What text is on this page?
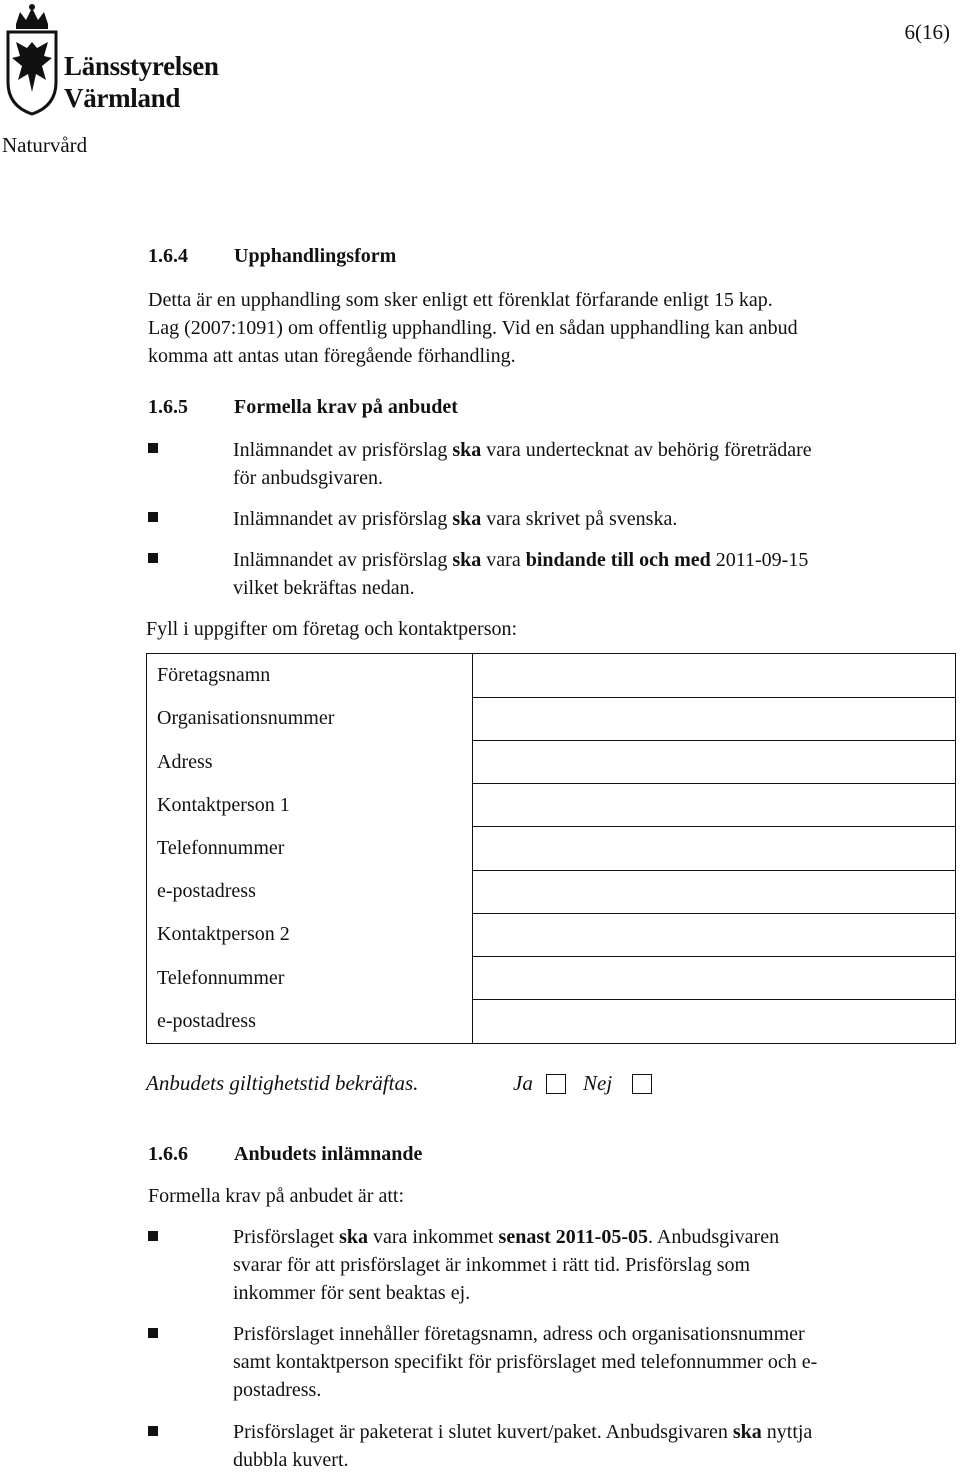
Länsstyrelsen
Värmland
6(16)
Naturvård
1.6.4 Upphandlingsform
Detta är en upphandling som sker enligt ett förenklat förfarande enligt 15 kap.
Lag (2007:1091) om offentlig upphandling. Vid en sådan upphandling kan anbud
komma att antas utan föregående förhandling.
1.6.5 Formella krav på anbudet
Inlämnandet av prisförslag ska vara undertecknat av behörig företrädare
för anbudsgivaren.
Inlämnandet av prisförslag ska vara skrivet på svenska.
Inlämnandet av prisförslag ska vara bindande till och med 2011-09-15
vilket bekräftas nedan.
Fyll i uppgifter om företag och kontaktperson:
Företagsnamn	
Organisationsnummer	
Adress	
Kontaktperson 1	
Telefonnummer	
e-postadress	
Kontaktperson 2	
Telefonnummer	
e-postadress	
Anbudets giltighetstid bekräftas.	Ja Nej
1.6.6 Anbudets inlämnande
Formella krav på anbudet är att:
Prisförslaget ska vara inkommet senast 2011-05-05. Anbudsgivaren
svarar för att prisförslaget är inkommet i rätt tid. Prisförslag som
inkommer för sent beaktas ej.
Prisförslaget innehåller företagsnamn, adress och organisationsnummer
samt kontaktperson specifikt för prisförslaget med telefonnummer och e-
postadress.
Prisförslaget är paketerat i slutet kuvert/paket. Anbudsgivaren ska nyttja
dubbla kuvert.
